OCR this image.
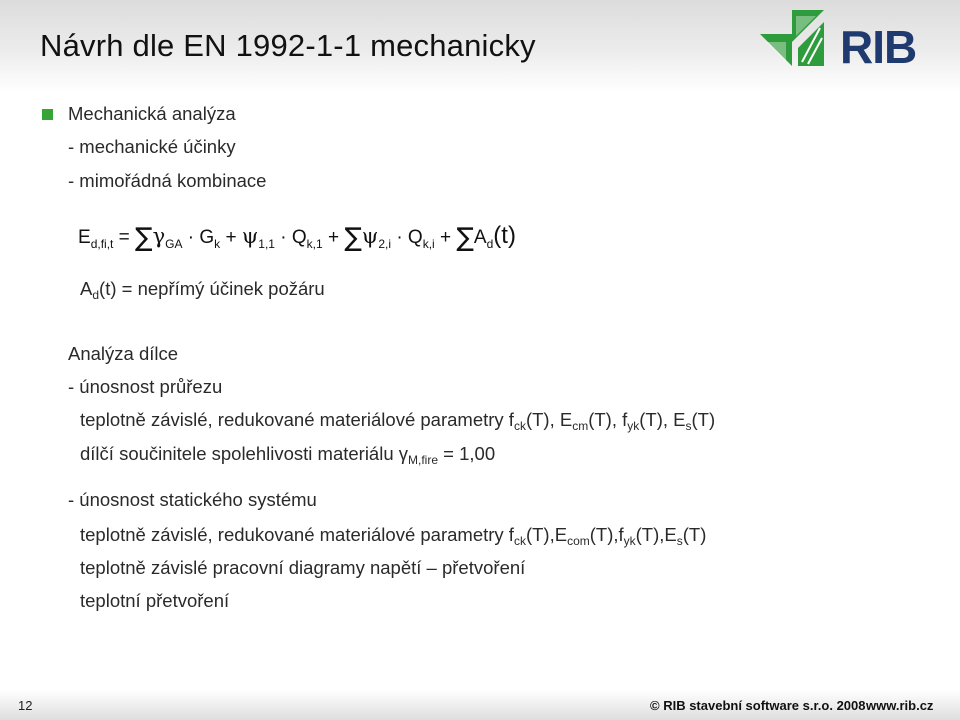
Návrh dle EN 1992-1-1 mechanicky	RIB
Mechanická analýza
- mechanické účinky
- mimořádná kombinace
$E_{d,fi,t} = \sum\gamma_{GA} \cdot G_k + \psi_{1,1} \cdot Q_{k,1} + \sum\psi_{2,i} \cdot Q_{k,i} + \sum A_d(t)$
$A_d(t)$ = nepřímý účinek požáru
Analýza dílce
- únosnost průřezu
teplotně závislé, redukované materiálové parametry $f_{ck}(T)$, $E_{cm}(T)$, $f_{yk}(T)$, $E_s(T)$
dílčí součinitele spolehlivosti materiálu $\gamma_{M,fire} = 1,00$
- únosnost statického systému
teplotně závislé, redukované materiálové parametry $f_{ck}(T),E_{com}(T),f_{yk}(T),E_s(T)$
teplotně závislé pracovní diagramy napětí – přetvoření
teplotní přetvoření
12	© RIB stavební software s.r.o. 2008 www.rib.cz
